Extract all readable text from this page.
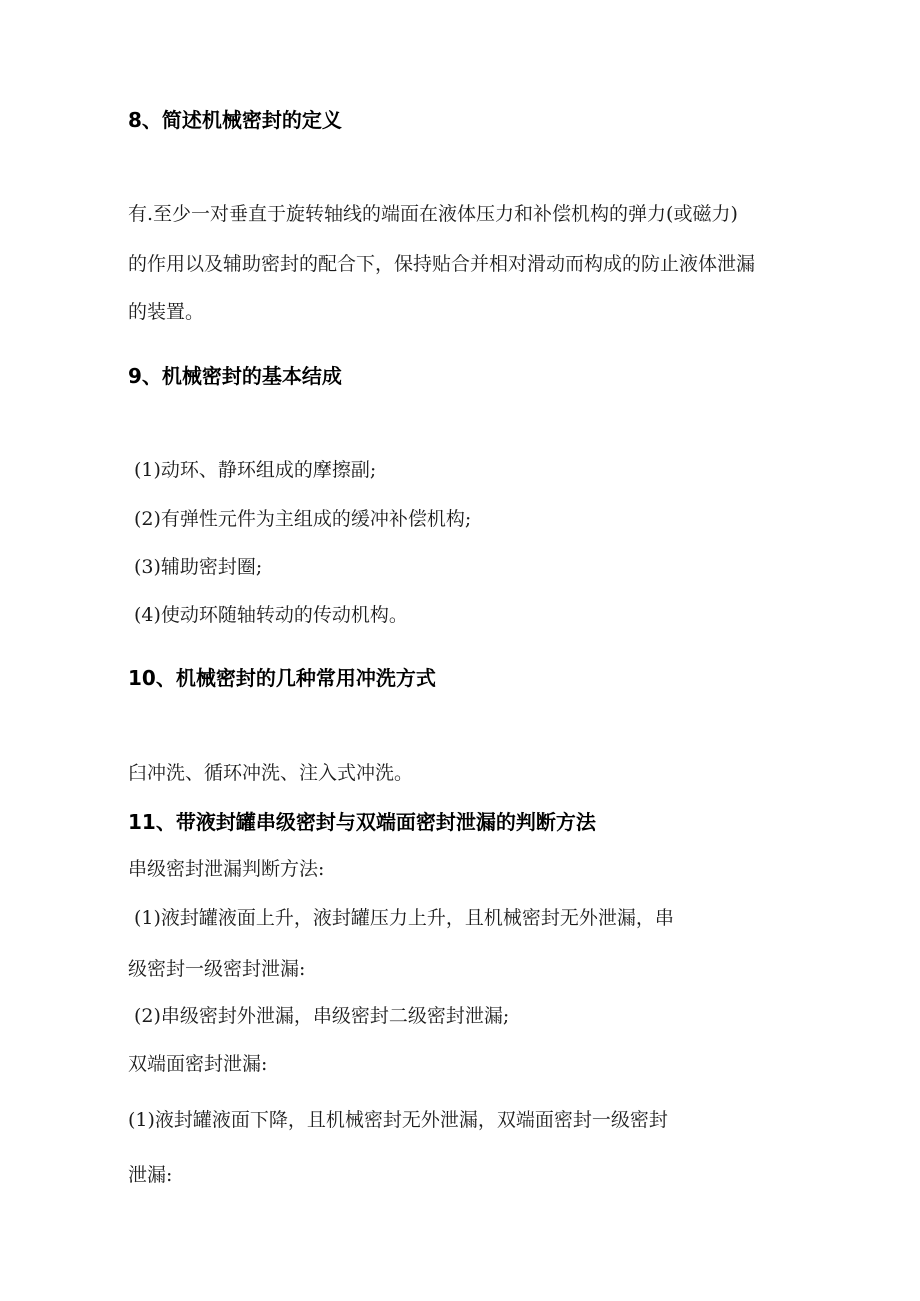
8、简述机械密封的定义

有.至少一对垂直于旋转轴线的端面在液体压力和补偿机构的弹力(或磁力)

的作用以及辅助密封的配合下，保持贴合并相对滑动而构成的防止液体泄漏

的装置。

9、机械密封的基本结成

(1)动环、静环组成的摩擦副;

(2)有弹性元件为主组成的缓冲补偿机构;

(3)辅助密封圈;

(4)使动环随轴转动的传动机构。

10、机械密封的几种常用冲洗方式

臼冲洗、循环冲洗、注入式冲洗。

11、带液封罐串级密封与双端面密封泄漏的判断方法

串级密封泄漏判断方法:

(1)液封罐液面上升，液封罐压力上升，且机械密封无外泄漏，串

级密封一级密封泄漏:

(2)串级密封外泄漏，串级密封二级密封泄漏;

双端面密封泄漏:

(1)液封罐液面下降，且机械密封无外泄漏，双端面密封一级密封

泄漏:
